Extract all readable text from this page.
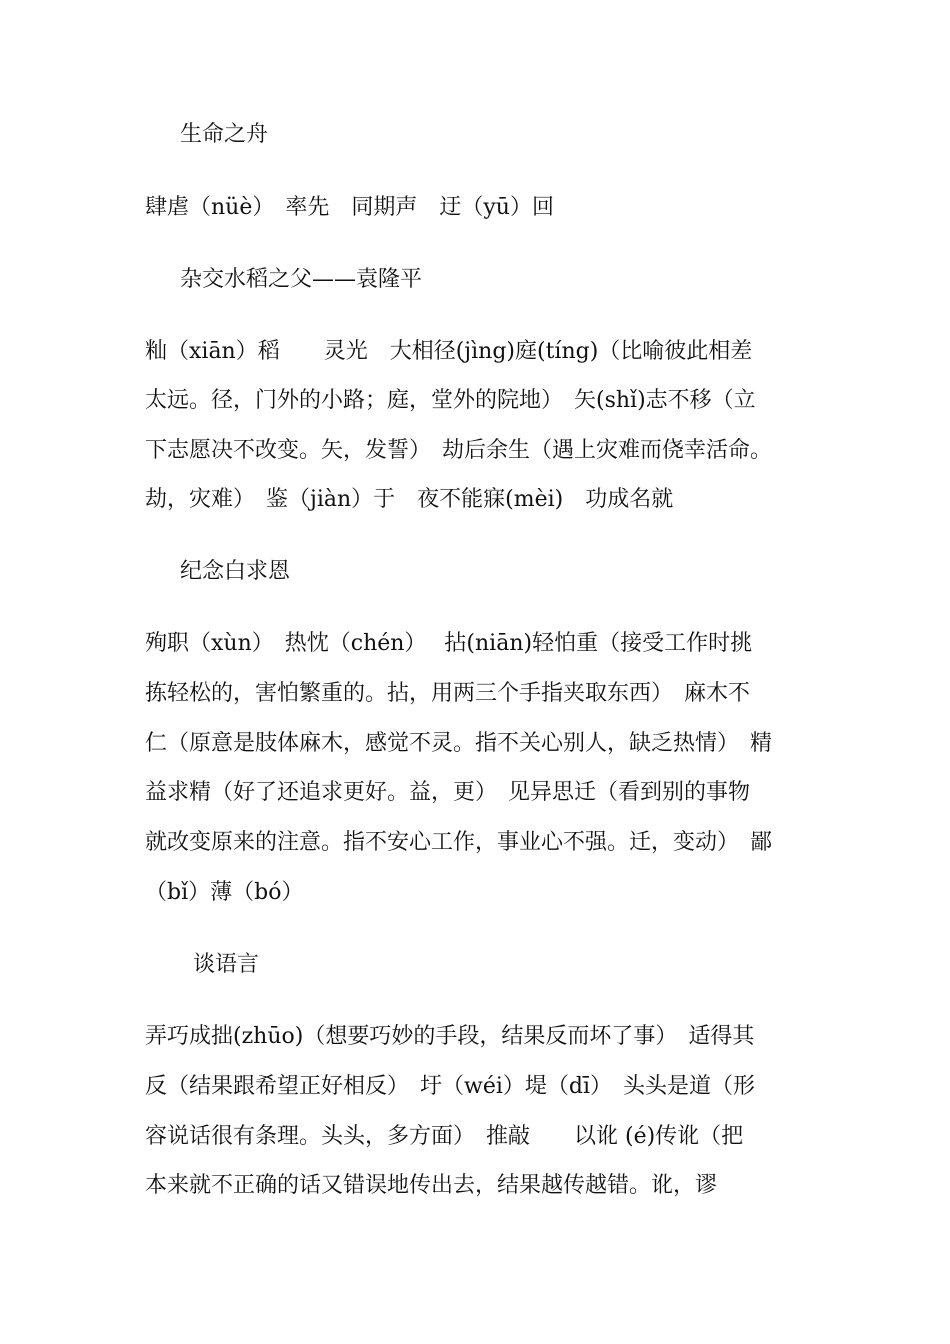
生命之舟
肆虐（nüè）　率先　同期声　迂（yū）回
杂交水稻之父——袁隆平
籼（xiān）稻　　灵光　大相径(jìng)庭(tíng)（比喻彼此相差
太远。径，门外的小路；庭，堂外的院地）　矢(shǐ)志不移（立
下志愿决不改变。矢，发誓）　劫后余生（遇上灾难而侥幸活命。
劫，灾难）　鉴（jiàn）于　夜不能寐(mèi)　功成名就
纪念白求恩
殉职（xùn）　热忱（chén）　 拈(niān)轻怕重（接受工作时挑
拣轻松的，害怕繁重的。拈，用两三个手指夹取东西）　麻木不
仁（原意是肢体麻木，感觉不灵。指不关心别人，缺乏热情）　精
益求精（好了还追求更好。益，更）　见异思迁（看到别的事物
就改变原来的注意。指不安心工作，事业心不强。迁，变动）　鄙
（bǐ）薄（bó）
谈语言
弄巧成拙(zhūo)（想要巧妙的手段，结果反而坏了事）　适得其
反（结果跟希望正好相反）　圩（wéi）堤（dī）　头头是道（形
容说话很有条理。头头，多方面）　推敲　　以讹 (é)传讹（把
本来就不正确的话又错误地传出去，结果越传越错。讹，谬
